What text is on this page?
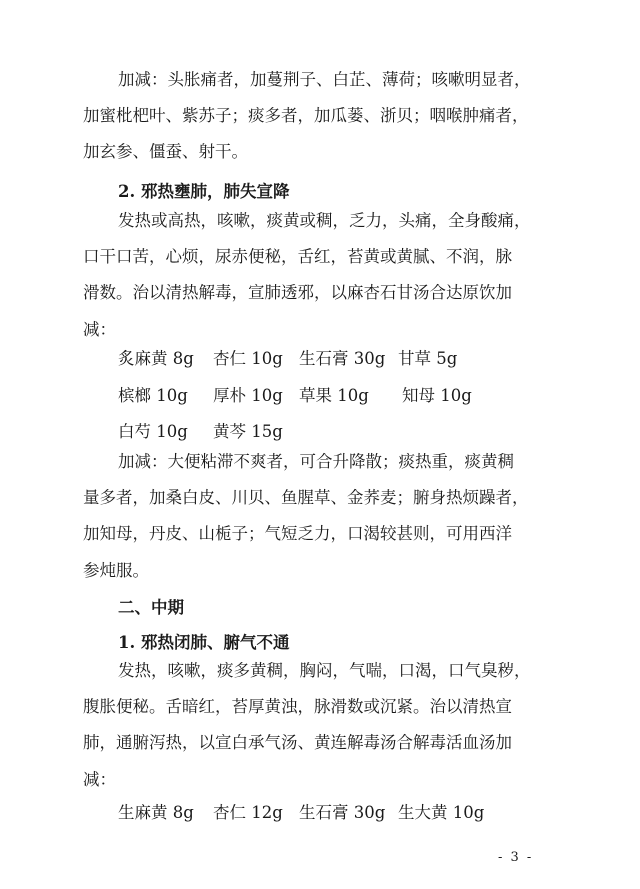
加减：头胀痛者，加蔓荆子、白芷、薄荷；咳嗽明显者，
加蜜枇杷叶、紫苏子；痰多者，加瓜蒌、浙贝；咽喉肿痛者，
加玄参、僵蚕、射干。
2. 邪热壅肺，肺失宣降
发热或高热，咳嗽，痰黄或稠，乏力，头痛，全身酸痛，
口干口苦，心烦，尿赤便秘，舌红，苔黄或黄腻、不润，脉
滑数。治以清热解毒，宣肺透邪，以麻杏石甘汤合达原饮加
减：
炙麻黄 8g 杏仁 10g 生石膏 30g 甘草 5g
槟榔 10g 厚朴 10g 草果 10g 知母 10g
白芍 10g 黄芩 15g
加减：大便粘滞不爽者，可合升降散；痰热重，痰黄稠
量多者，加桑白皮、川贝、鱼腥草、金荞麦；腑身热烦躁者，
加知母，丹皮、山栀子；气短乏力，口渴较甚则，可用西洋
参炖服。
二、中期
1. 邪热闭肺、腑气不通
发热，咳嗽，痰多黄稠，胸闷，气喘，口渴，口气臭秽，
腹胀便秘。舌暗红，苔厚黄浊，脉滑数或沉紧。治以清热宣
肺，通腑泻热，以宣白承气汤、黄连解毒汤合解毒活血汤加
减：
生麻黄 8g 杏仁 12g 生石膏 30g 生大黄 10g
- 3 -
